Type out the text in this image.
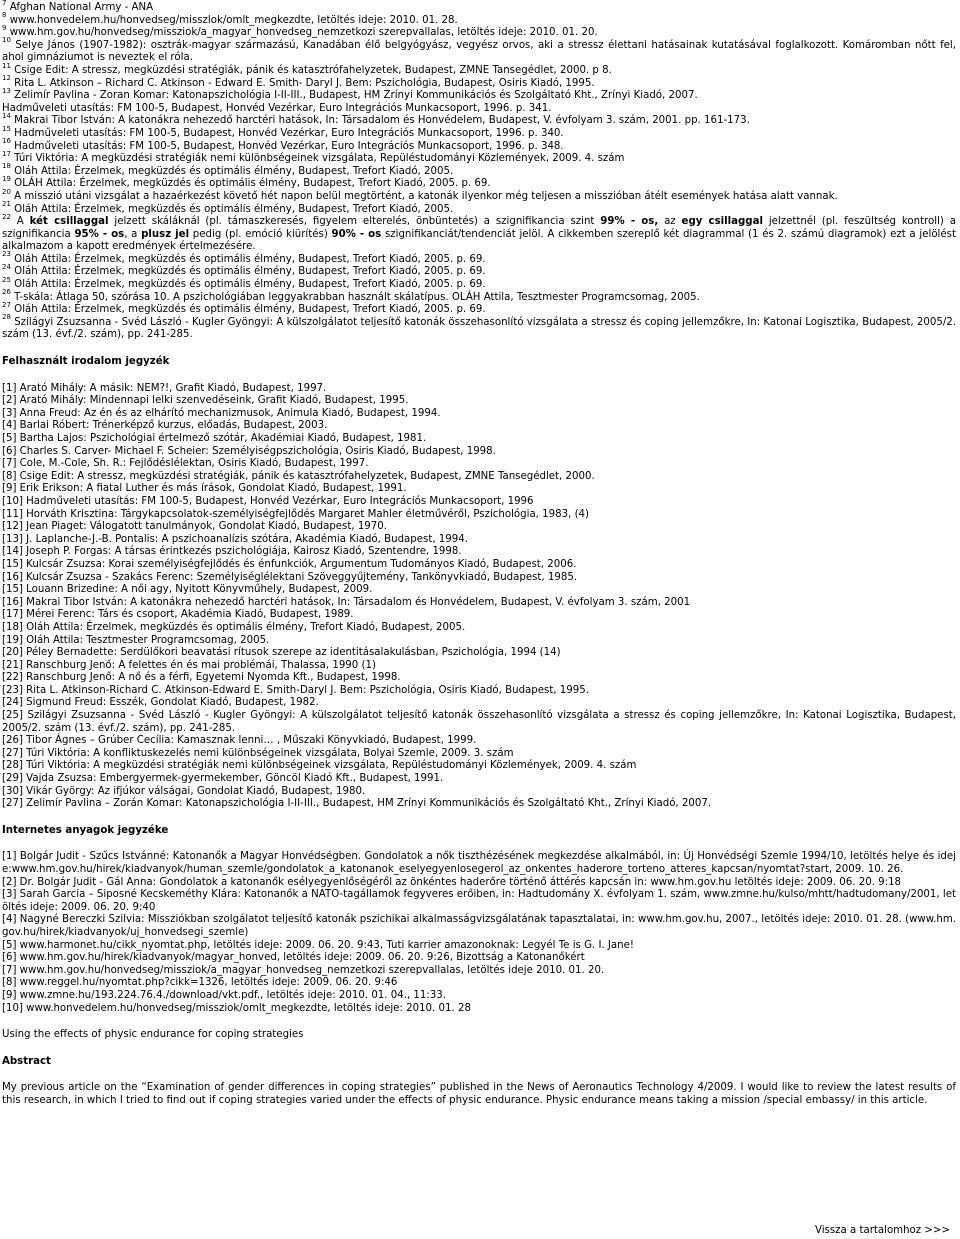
$^7$ Afghan National Army - ANA

$^8$ www.honvedelem.hu/honvedseg/misszlok/omlt_megkezdte, letöltés ideje: 2010. 01. 28.

$^9$ www.hm.gov.hu/honvedseg/missziok/a_magyar_honvedseg_nemzetkozi szerepvallalas, letöltés ideje: 2010. 01. 20.

$^{10}$ Selye János (1907-1982): osztrák-magyar származású, Kanadában élő belgyógyász, vegyész orvos, aki a stressz élettani hatásainak kutatásával foglalkozott. Komáromban nőtt fel, ahol gimnáziumot is neveztek el róla.

$^{11}$ Csige Edit: A stressz, megküzdési stratégiák, pánik és katasztrófahelyzetek, Budapest, ZMNE Tansegédlet, 2000. p 8.

$^{12}$ Rita L. Atkinson – Richard C. Atkinson - Edward E. Smith- Daryl J. Bem: Pszichológia, Budapest, Osiris Kiadó, 1995.

$^{13}$ Zelimír Pavlina - Zoran Komar: Katonapszichológia I-II-III., Budapest, HM Zrínyi Kommunikációs és Szolgáltató Kht., Zrínyi Kiadó, 2007.

Hadműveleti utasítás: FM 100-5, Budapest, Honvéd Vezérkar, Euro Integrációs Munkacsoport, 1996. p. 341.

$^{14}$ Makrai Tibor István: A katonákra nehezedő harctéri hatások, In: Társadalom és Honvédelem, Budapest, V. évfolyam 3. szám, 2001. pp. 161-173.

$^{15}$ Hadműveleti utasítás: FM 100-5, Budapest, Honvéd Vezérkar, Euro Integrációs Munkacsoport, 1996. p. 340.

$^{16}$ Hadműveleti utasítás: FM 100-5, Budapest, Honvéd Vezérkar, Euro Integrációs Munkacsoport, 1996. p. 348.

$^{17}$ Túri Viktória: A megküzdési stratégiák nemi különbségeinek vizsgálata, Repüléstudományi Közlemények, 2009. 4. szám

$^{18}$ Oláh Attila: Érzelmek, megküzdés és optimális élmény, Budapest, Trefort Kiadó, 2005.

$^{19}$ OLÁH Attila: Érzelmek, megküzdés és optimális élmény, Budapest, Trefort Kiadó, 2005. p. 69.

$^{20}$ A misszió utáni vizsgálat a hazaérkezést követő hét napon belül megtörtént, a katonák ilyenkor még teljesen a misszióban átélt események hatása alatt vannak.

$^{21}$ Oláh Attila: Érzelmek, megküzdés és optimális élmény, Budapest, Trefort Kiadó, 2005.

$^{22}$ A két csillaggal jelzett skáláknál (pl. támaszkeresés, figyelem elterelés, önbüntetés) a szignifikancia szint 99% - os, az egy csillaggal jelzettnél (pl. feszültség kontroll) a szignifikancia 95% - os, a plusz jel pedig (pl. emóció kiürítés) 90% - os szignifikanciát/tendenciát jelöl. A cikkemben szereplő két diagrammal (1 és 2. számú diagramok) ezt a jelölést alkalmazom a kapott eredmények értelmezésére.

$^{23}$ Oláh Attila: Érzelmek, megküzdés és optimális élmény, Budapest, Trefort Kiadó, 2005. p. 69.

$^{24}$ Oláh Attila: Érzelmek, megküzdés és optimális élmény, Budapest, Trefort Kiadó, 2005. p. 69.

$^{25}$ Oláh Attila: Érzelmek, megküzdés és optimális élmény, Budapest, Trefort Kiadó, 2005. p. 69.

$^{26}$ T-skála: Átlaga 50, szórása 10. A pszichológiában leggyakrabban használt skálatípus. OLÁH Attila, Tesztmester Programcsomag, 2005.

$^{27}$ Oláh Attila: Érzelmek, megküzdés és optimális élmény, Budapest, Trefort Kiadó, 2005. p. 69.

$^{28}$ Szilágyi Zsuzsanna - Svéd László - Kugler Gyöngyi: A külszolgálatot teljesítő katonák összehasonlító vizsgálata a stressz és coping jellemzőkre, In: Katonai Logisztika, Budapest, 2005/2. szám (13. évf./2. szám), pp. 241-285.

Felhasznált irodalom jegyzék

[1] Aratό Mihály: A másik: NEM?!, Grafit Kiadó, Budapest, 1997.

[2] Arató Mihály: Mindennapi lelki szenvedéseink, Grafit Kiadó, Budapest, 1995.

[3] Anna Freud: Az én és az elhárító mechanizmusok, Animula Kiadó, Budapest, 1994.

[4] Barlai Róbert: Trénerképző kurzus, előadás, Budapest, 2003.

[5] Bartha Lajos: Pszichológiai értelmező szótár, Akadémiai Kiadó, Budapest, 1981.

[6] Charles S. Carver- Michael F. Scheier: Személyiségpszichológia, Osiris Kiadó, Budapest, 1998.

[7] Cole, M.-Cole, Sh. R.: Fejlődéslélektan, Osiris Kiadó, Budapest, 1997.

[8] Csige Edit: A stressz, megküzdési stratégiák, pánik és katasztrófahelyzetek, Budapest, ZMNE Tansegédlet, 2000.

[9] Erik Erikson: A fiatal Luther és más írások, Gondolat Kiadó, Budapest, 1991.

[10] Hadműveleti utasítás: FM 100-5, Budapest, Honvéd Vezérkar, Euro Integrációs Munkacsoport, 1996

[11] Horváth Krisztina: Tárgykapcsolatok-személyiségfejlődés Margaret Mahler életművéről, Pszichológia, 1983, (4)

[12] Jean Piaget: Válogatott tanulmányok, Gondolat Kiadó, Budapest, 1970.

[13] J. Laplanche-J.-B. Pontalis: A pszichoanalízis szótára, Akadémia Kiadó, Budapest, 1994.

[14] Joseph P. Forgas: A társas érintkezés pszichológiája, Kairosz Kiadó, Szentendre, 1998.

[15] Kulcsár Zsuzsa: Korai személyiségfejlődés és énfunkciók, Argumentum Tudományos Kiadó, Budapest, 2006.

[16] Kulcsár Zsuzsa - Szakács Ferenc: Személyiséglélektani Szöveggyűjtemény, Tankönyvkiadó, Budapest, 1985.

[15] Louann Brizedine: A női agy, Nyitott Könyvműhely, Budapest, 2009.

[16] Makrai Tibor István: A katonákra nehezedő harctéri hatások, In: Társadalom és Honvédelem, Budapest, V. évfolyam 3. szám, 2001

[17] Mérei Ferenc: Társ és csoport, Akadémia Kiadó, Budapest, 1989.

[18] Oláh Attila: Érzelmek, megküzdés és optimális élmény, Trefort Kiadó, Budapest, 2005.

[19] Oláh Attila: Tesztmester Programcsomag, 2005.

[20] Péley Bernadette: Serdülőkori beavatási rítusok szerepe az identitásalakulásban, Pszichológia, 1994 (14)

[21] Ranschburg Jenő: A felettes én és mai problémái, Thalassa, 1990 (1)

[22] Ranschburg Jenő: A nő és a férfi, Egyetemi Nyomda Kft., Budapest, 1998.

[23] Rita L. Atkinson-Richard C. Atkinson-Edward E. Smith-Daryl J. Bem: Pszichológia, Osiris Kiadó, Budapest, 1995.

[24] Sigmund Freud: Esszék, Gondolat Kiadó, Budapest, 1982.

[25] Szilágyi Zsuzsanna - Svéd László - Kugler Gyöngyi: A külszolgálatot teljesítő katonák összehasonlító vizsgálata a stressz és coping jellemzőkre, In: Katonai Logisztika, Budapest, 2005/2. szám (13. évf./2. szám), pp. 241-285.

[26] Tibor Ágnes – Grúber Cecília: Kamasznak lenni… , Műszaki Könyvkiadó, Budapest, 1999.

[27] Túri Viktória: A konfliktuskezelés nemi különbségeinek vizsgálata, Bolyai Szemle, 2009. 3. szám

[28] Túri Viktória: A megküzdési stratégiák nemi különbségeinek vizsgálata, Repüléstudományi Közlemények, 2009. 4. szám

[29] Vajda Zsuzsa: Embergyermek-gyermekember, Göncöl Kiadó Kft., Budapest, 1991.

[30] Vikár György: Az ifjúkor válságai, Gondolat Kiadó, Budapest, 1980.

[27] Zelimír Pavlina – Zorán Komar: Katonapszichológia I-II-III., Budapest, HM Zrínyi Kommunikációs és Szolgáltató Kht., Zrínyi Kiadó, 2007.

Internetes anyagok jegyzéke

[1] Bolgár Judit - Szűcs Istvánné: Katonanők a Magyar Honvédségben. Gondolatok a nők tiszthézésének megkezdése alkalmából, in: Új Honvédségi Szemle 1994/10, letöltés helye és ideje:www.hm.gov.hu/hirek/kiadvanyok/human_szemle/gondolatok_a_katonanok_eselyegyenlosegerol_az_onkentes_haderore_torteno_atteres_kapcsan/nyomtat?start, 2009. 10. 26.

[2] Dr. Bolgár Judit - Gál Anna: Gondolatok a katonanők esélyegyenlőségéről az önkéntes haderőre történő áttérés kapcsán in: www.hm.gov.hu letöltés ideje: 2009. 06. 20. 9:18

[3] Sarah Garcia – Siposné Kecskeméthy Klára: Katonanők a NATO-tagállamok fegyveres erőiben, in: Hadtudomány X. évfolyam 1. szám, www.zmne.hu/kulso/mhtt/hadtudomany/2001, letöltés ideje: 2009. 06. 20. 9:40

[4] Nagyné Bereczki Szilvia: Missziókban szolgálatot teljesítő katonák pszichikai alkalmasságvizsgálatának tapasztalatai, in: www.hm.gov.hu, 2007., letöltés ideje: 2010. 01. 28. (www.hm.gov.hu/hirek/kiadvanyok/uj_honvedsegi_szemle)

[5] www.harmonet.hu/cikk_nyomtat.php, letöltés ideje: 2009. 06. 20. 9:43, Tuti karrier amazonoknak: Legyél Te is G. I. Jane!

[6] www.hm.gov.hu/hirek/kiadvanyok/magyar_honved, letöltés ideje: 2009. 06. 20. 9:26, Bizottság a Katonanőkért

[7] www.hm.gov.hu/honvedseg/missziok/a_magyar_honvedseg_nemzetkozi szerepvallalas, letöltés ideje 2010. 01. 20.

[8] www.reggel.hu/nyomtat.php?cikk=1326, letöltés ideje: 2009. 06. 20. 9:46

[9] www.zmne.hu/193.224.76.4./download/vkt.pdf., letöltés ideje: 2010. 01. 04., 11:33.

[10] www.honvedelem.hu/honvedseg/missziok/omlt_megkezdte, letöltés ideje: 2010. 01. 28

Using the effects of physic endurance for coping strategies
Abstract

My previous article on the “Examination of gender differences in coping strategies” published in the News of Aeronautics Technology 4/2009. I would like to review the latest results of this research, in which I tried to find out if coping strategies varied under the effects of physic endurance. Physic endurance means taking a mission /special embassy/ in this article.

Vissza a tartalomhoz >>>
